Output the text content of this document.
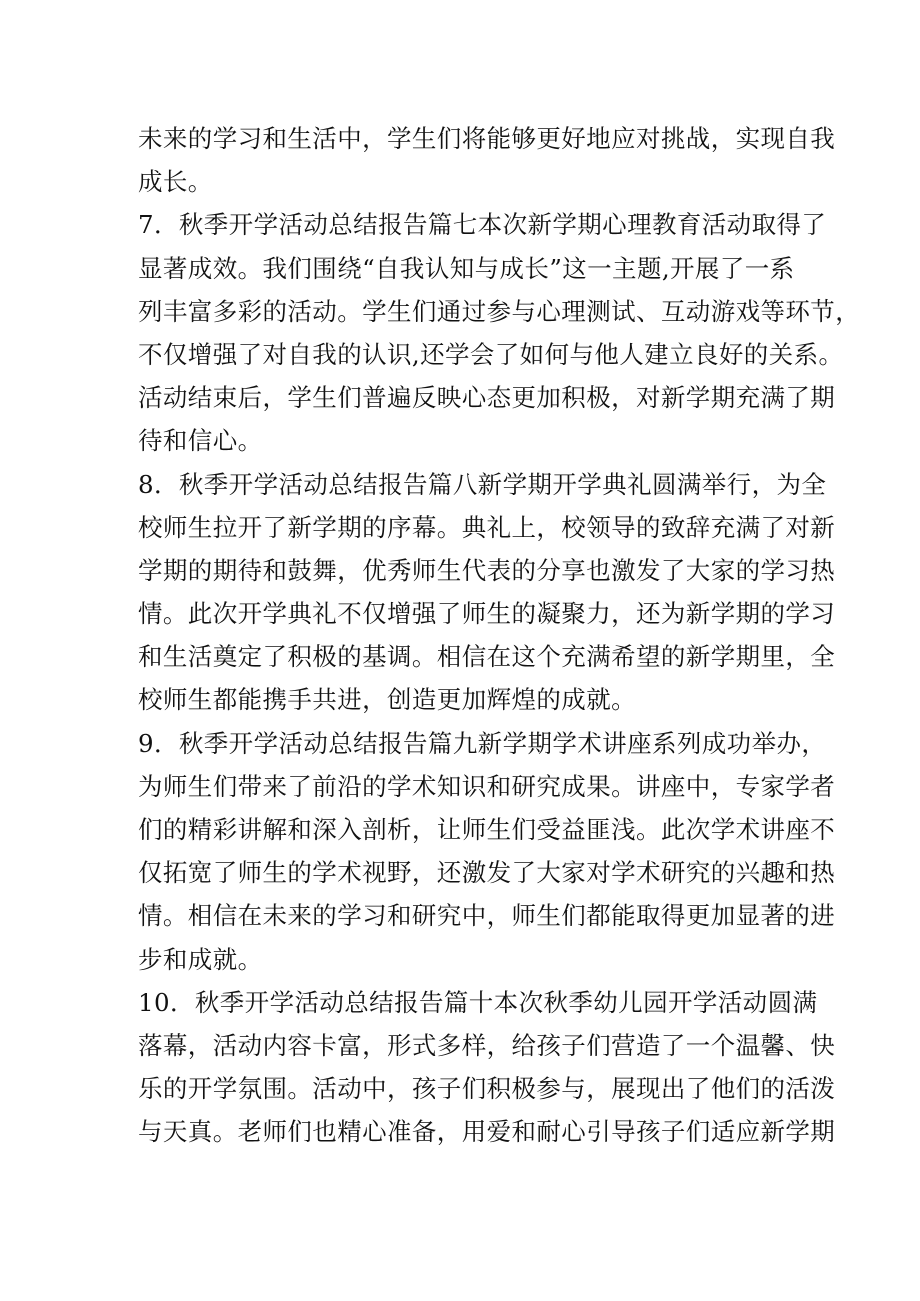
未来的学习和生活中，学生们将能够更好地应对挑战，实现自我
成长。
7．秋季开学活动总结报告篇七本次新学期心理教育活动取得了
显著成效。我们围绕“自我认知与成长”这一主题,开展了一系
列丰富多彩的活动。学生们通过参与心理测试、互动游戏等环节，
不仅增强了对自我的认识,还学会了如何与他人建立良好的关系。
活动结束后，学生们普遍反映心态更加积极，对新学期充满了期
待和信心。
8．秋季开学活动总结报告篇八新学期开学典礼圆满举行，为全
校师生拉开了新学期的序幕。典礼上，校领导的致辞充满了对新
学期的期待和鼓舞，优秀师生代表的分享也激发了大家的学习热
情。此次开学典礼不仅增强了师生的凝聚力，还为新学期的学习
和生活奠定了积极的基调。相信在这个充满希望的新学期里，全
校师生都能携手共进，创造更加辉煌的成就。
9．秋季开学活动总结报告篇九新学期学术讲座系列成功举办，
为师生们带来了前沿的学术知识和研究成果。讲座中，专家学者
们的精彩讲解和深入剖析，让师生们受益匪浅。此次学术讲座不
仅拓宽了师生的学术视野，还激发了大家对学术研究的兴趣和热
情。相信在未来的学习和研究中，师生们都能取得更加显著的进
步和成就。
10．秋季开学活动总结报告篇十本次秋季幼儿园开学活动圆满
落幕，活动内容卡富，形式多样，给孩子们营造了一个温馨、快
乐的开学氛围。活动中，孩子们积极参与，展现出了他们的活泼
与天真。老师们也精心准备，用爱和耐心引导孩子们适应新学期
